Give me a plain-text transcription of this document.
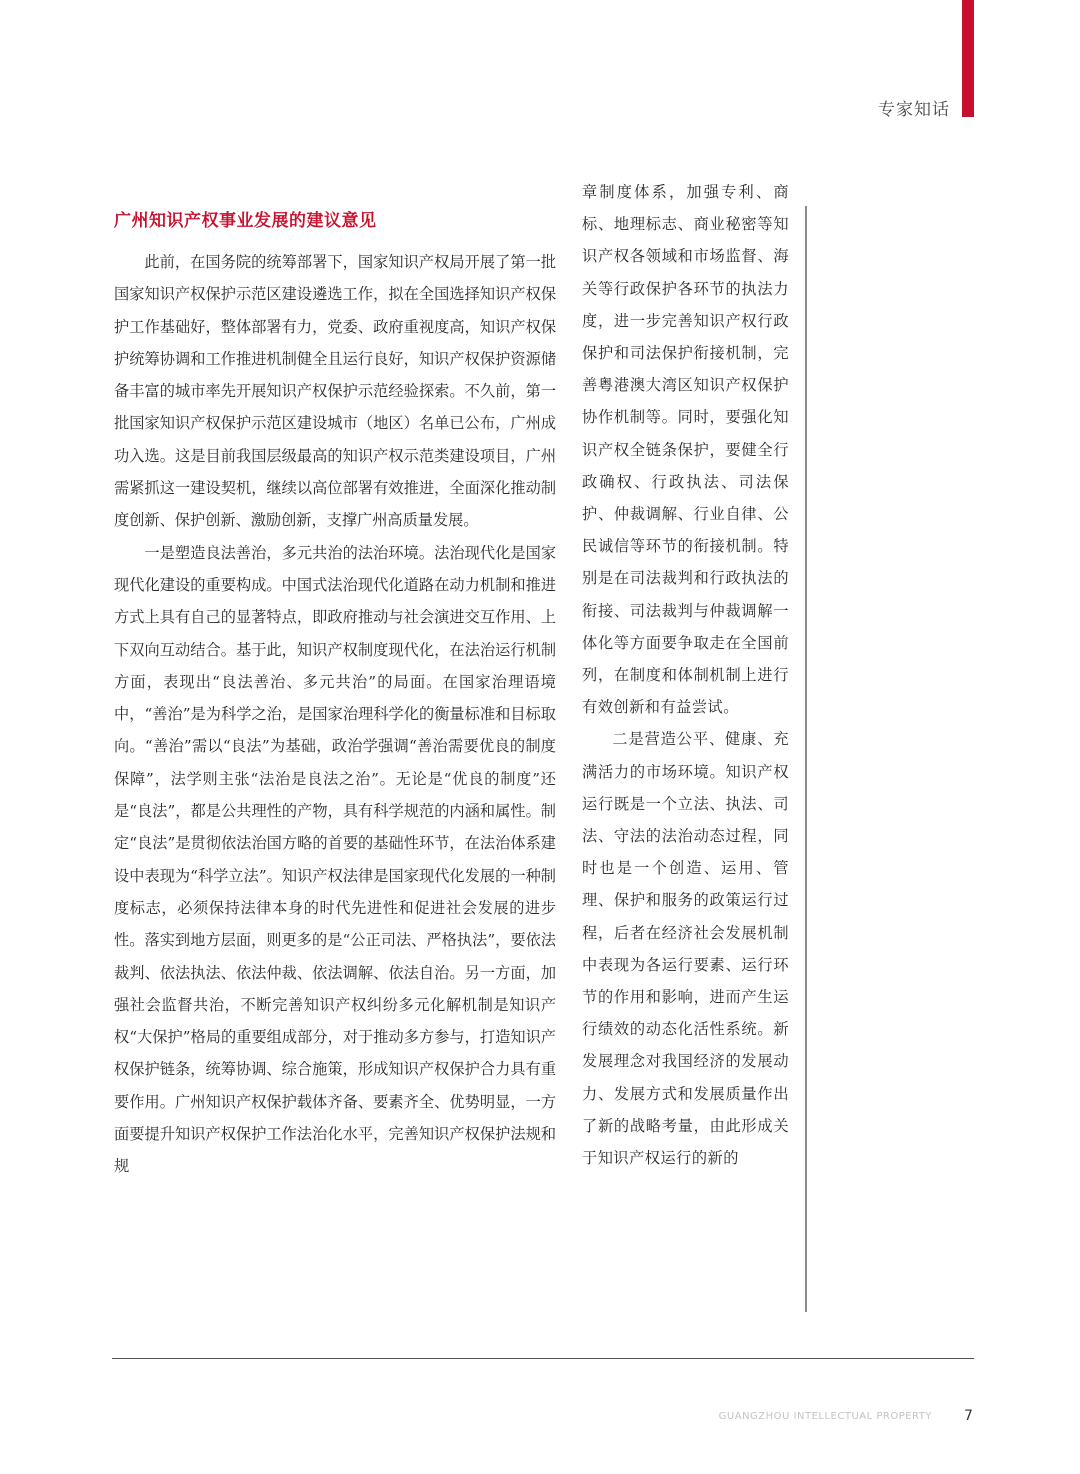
专家知话
广州知识产权事业发展的建议意见

此前，在国务院的统筹部署下，国家知识产权局开展了第一批国家知识产权保护示范区建设遴选工作，拟在全国选择知识产权保护工作基础好，整体部署有力，党委、政府重视度高，知识产权保护统筹协调和工作推进机制健全且运行良好，知识产权保护资源储备丰富的城市率先开展知识产权保护示范经验探索。不久前，第一批国家知识产权保护示范区建设城市（地区）名单已公布，广州成功入选。这是目前我国层级最高的知识产权示范类建设项目，广州需紧抓这一建设契机，继续以高位部署有效推进，全面深化推动制度创新、保护创新、激励创新，支撑广州高质量发展。

一是塑造良法善治，多元共治的法治环境。法治现代化是国家现代化建设的重要构成。中国式法治现代化道路在动力机制和推进方式上具有自己的显著特点，即政府推动与社会演进交互作用、上下双向互动结合。基于此，知识产权制度现代化，在法治运行机制方面，表现出“良法善治、多元共治”的局面。在国家治理语境中，“善治”是为科学之治，是国家治理科学化的衡量标准和目标取向。“善治”需以“良法”为基础，政治学强调“善治需要优良的制度保障”，法学则主张“法治是良法之治”。无论是“优良的制度”还是“良法”，都是公共理性的产物，具有科学规范的内涵和属性。制定“良法”是贯彻依法治国方略的首要的基础性环节，在法治体系建设中表现为“科学立法”。知识产权法律是国家现代化发展的一种制度标志，必须保持法律本身的时代先进性和促进社会发展的进步性。落实到地方层面，则更多的是“公正司法、严格执法”，要依法裁判、依法执法、依法仲裁、依法调解、依法自治。另一方面，加强社会监督共治，不断完善知识产权纠纷多元化解机制是知识产权“大保护”格局的重要组成部分，对于推动多方参与，打造知识产权保护链条，统筹协调、综合施策，形成知识产权保护合力具有重要作用。广州知识产权保护载体齐备、要素齐全、优势明显，一方面要提升知识产权保护工作法治化水平，完善知识产权保护法规和规

章制度体系，加强专利、商标、地理标志、商业秘密等知识产权各领域和市场监督、海关等行政保护各环节的执法力度，进一步完善知识产权行政保护和司法保护衔接机制，完善粤港澳大湾区知识产权保护协作机制等。同时，要强化知识产权全链条保护，要健全行政确权、行政执法、司法保护、仲裁调解、行业自律、公民诚信等环节的衔接机制。特别是在司法裁判和行政执法的衔接、司法裁判与仲裁调解一体化等方面要争取走在全国前列，在制度和体制机制上进行有效创新和有益尝试。

二是营造公平、健康、充满活力的市场环境。知识产权运行既是一个立法、执法、司法、守法的法治动态过程，同时也是一个创造、运用、管理、保护和服务的政策运行过程，后者在经济社会发展机制中表现为各运行要素、运行环节的作用和影响，进而产生运行绩效的动态化活性系统。新发展理念对我国经济的发展动力、发展方式和发展质量作出了新的战略考量，由此形成关于知识产权运行的新的

GUANGZHOU INTELLECTUAL PROPERTY 7
